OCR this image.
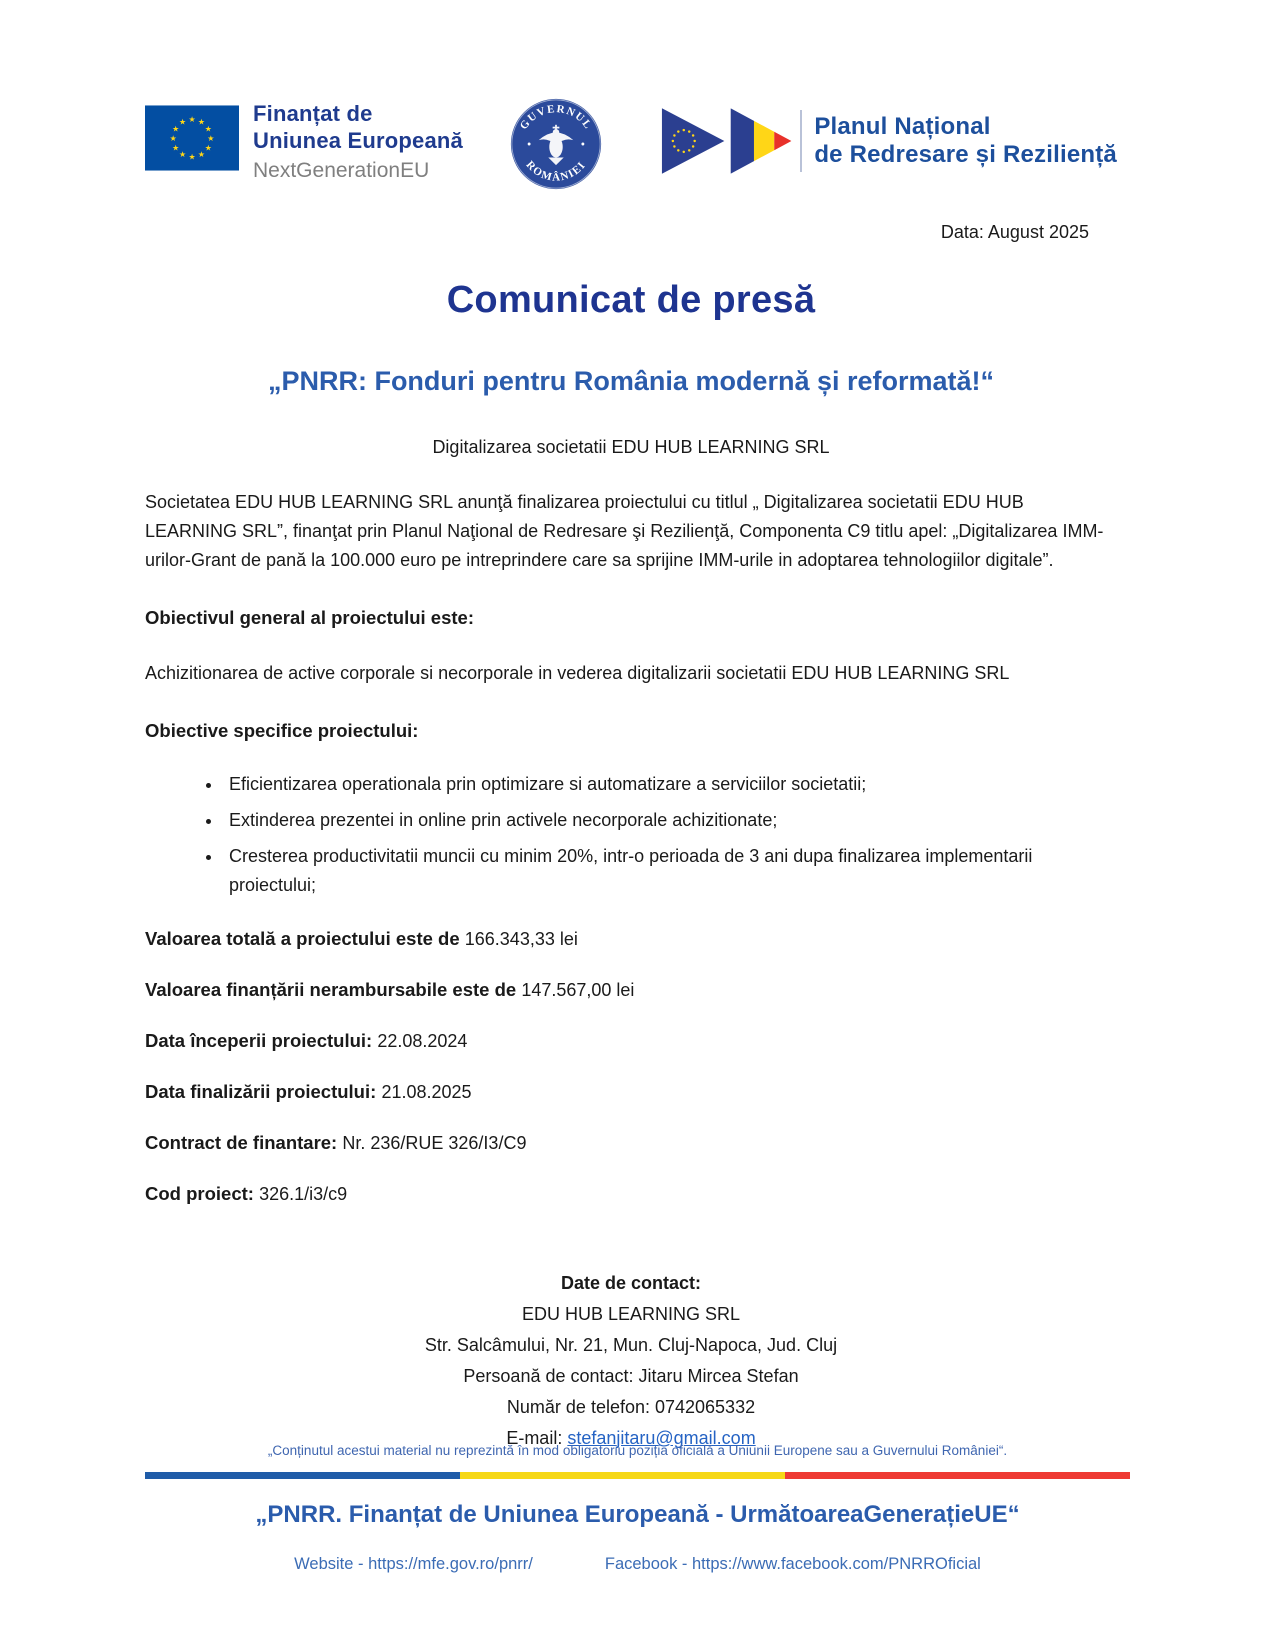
★ ★
★
★
★
★
★
★
★
★
★
★	Finanțat de
Uniunea Europeană
NextGenerationEU
GUVERNUL
ROMÂNIEI
Planul Național
de Redresare și Reziliență
Data: August 2025
Comunicat de presă
„PNRR: Fonduri pentru România modernă și reformată!“
Digitalizarea societatii EDU HUB LEARNING SRL

Societatea EDU HUB LEARNING SRL anunţă finalizarea proiectului cu titlul „ Digitalizarea societatii EDU HUB LEARNING SRL”, finanţat prin Planul Naţional de Redresare şi Rezilienţă, Componenta C9 titlu apel: „Digitalizarea IMM-urilor-Grant de pană la 100.000 euro pe intreprindere care sa sprijine IMM-urile in adoptarea tehnologiilor digitale”.

Obiectivul general al proiectului este:

Achizitionarea de active corporale si necorporale in vederea digitalizarii societatii EDU HUB LEARNING SRL

Obiective specifice proiectului:

• Eficientizarea operationala prin optimizare si automatizare a serviciilor societatii;
• Extinderea prezentei in online prin activele necorporale achizitionate;
• Cresterea productivitatii muncii cu minim 20%, intr-o perioada de 3 ani dupa finalizarea implementarii proiectului;

Valoarea totală a proiectului este de 166.343,33 lei

Valoarea finanțării nerambursabile este de 147.567,00 lei

Data începerii proiectului: 22.08.2024

Data finalizării proiectului: 21.08.2025

Contract de finantare: Nr. 236/RUE 326/I3/C9

Cod proiect: 326.1/i3/c9

Date de contact:
EDU HUB LEARNING SRL
Str. Salcâmului, Nr. 21, Mun. Cluj-Napoca, Jud. Cluj
Persoană de contact: Jitaru Mircea Stefan
Număr de telefon: 0742065332
E-mail: stefanjitaru@gmail.com
„Conținutul acestui material nu reprezintă în mod obligatoriu poziția oficială a Uniunii Europene sau a Guvernului României“.
„PNRR. Finanțat de Uniunea Europeană - UrmătoareaGenerațieUE“
Website - https://mfe.gov.ro/pnrr/	Facebook - https://www.facebook.com/PNRROficial
